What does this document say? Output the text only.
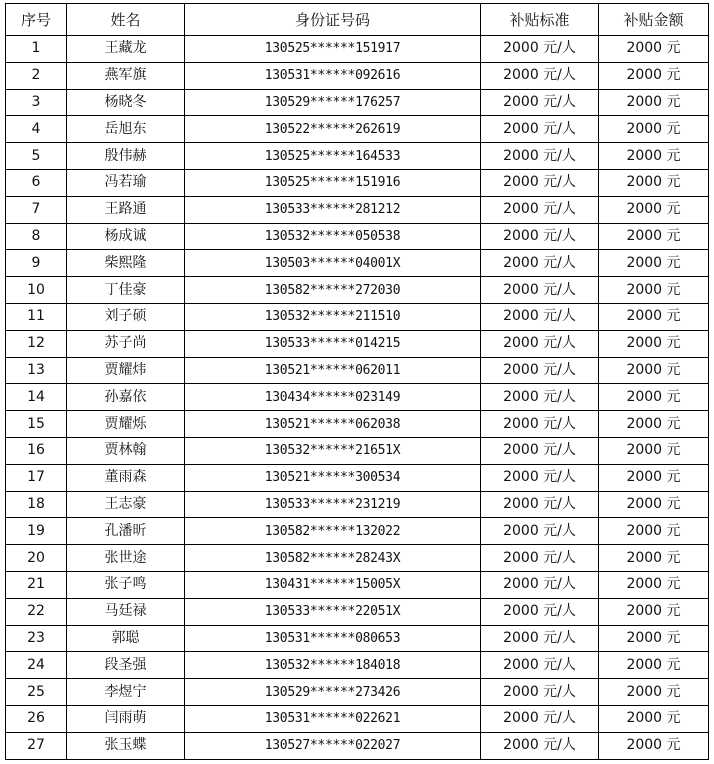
序号	姓名	身份证号码	补贴标准	补贴金额
1	王藏龙	130525******151917	2000 元/人	2000 元
2	燕军旗	130531******092616	2000 元/人	2000 元
3	杨晓冬	130529******176257	2000 元/人	2000 元
4	岳旭东	130522******262619	2000 元/人	2000 元
5	殷伟赫	130525******164533	2000 元/人	2000 元
6	冯若瑜	130525******151916	2000 元/人	2000 元
7	王路通	130533******281212	2000 元/人	2000 元
8	杨成诚	130532******050538	2000 元/人	2000 元
9	柴熙隆	130503******04001X	2000 元/人	2000 元
10	丁佳豪	130582******272030	2000 元/人	2000 元
11	刘子硕	130532******211510	2000 元/人	2000 元
12	苏子尚	130533******014215	2000 元/人	2000 元
13	贾耀炜	130521******062011	2000 元/人	2000 元
14	孙嘉依	130434******023149	2000 元/人	2000 元
15	贾耀烁	130521******062038	2000 元/人	2000 元
16	贾林翰	130532******21651X	2000 元/人	2000 元
17	董雨森	130521******300534	2000 元/人	2000 元
18	王志豪	130533******231219	2000 元/人	2000 元
19	孔潘昕	130582******132022	2000 元/人	2000 元
20	张世途	130582******28243X	2000 元/人	2000 元
21	张子鸣	130431******15005X	2000 元/人	2000 元
22	马廷禄	130533******22051X	2000 元/人	2000 元
23	郭聪	130531******080653	2000 元/人	2000 元
24	段圣强	130532******184018	2000 元/人	2000 元
25	李煜宁	130529******273426	2000 元/人	2000 元
26	闫雨萌	130531******022621	2000 元/人	2000 元
27	张玉蝶	130527******022027	2000 元/人	2000 元
